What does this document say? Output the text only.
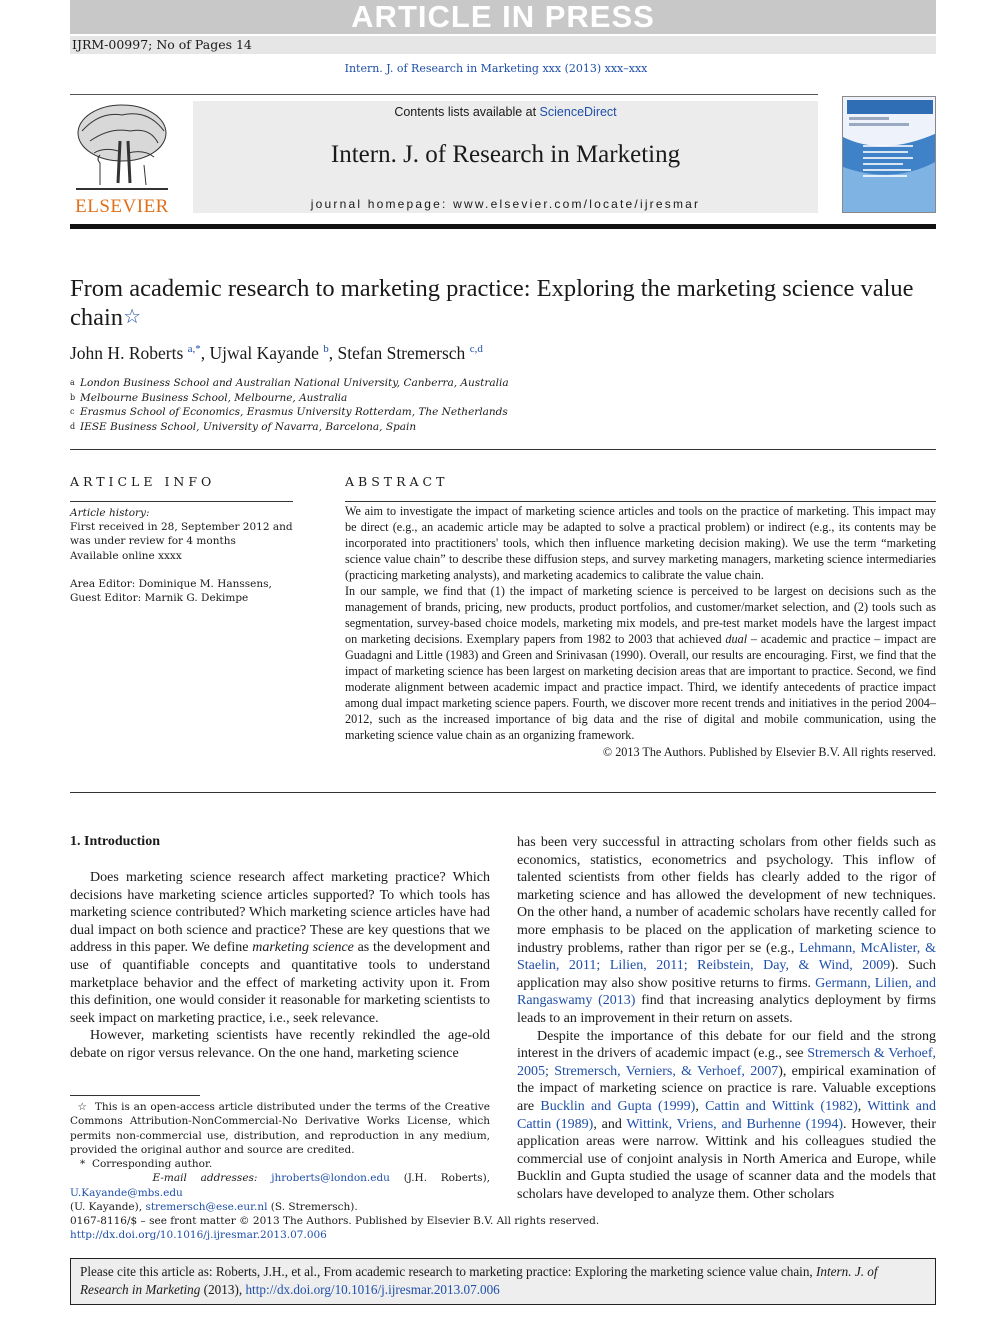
ARTICLE IN PRESS
IJRM-00997; No of Pages 14
Intern. J. of Research in Marketing xxx (2013) xxx–xxx
ELSEVIER
Contents lists available at ScienceDirect
Intern. J. of Research in Marketing
journal homepage: www.elsevier.com/locate/ijresmar
From academic research to marketing practice: Exploring the marketing science value chain☆
John H. Roberts $^{a,*}$, Ujwal Kayande $^b$, Stefan Stremersch $^{c,d}$
a London Business School and Australian National University, Canberra, Australia
b Melbourne Business School, Melbourne, Australia
c Erasmus School of Economics, Erasmus University Rotterdam, The Netherlands
d IESE Business School, University of Navarra, Barcelona, Spain
ARTICLE INFO
Article history:
First received in 28, September 2012 and was under review for 4 months
Available online xxxx
Area Editor: Dominique M. Hanssens,
Guest Editor: Marnik G. Dekimpe
ABSTRACT

We aim to investigate the impact of marketing science articles and tools on the practice of marketing. This impact may be direct (e.g., an academic article may be adapted to solve a practical problem) or indirect (e.g., its contents may be incorporated into practitioners' tools, which then influence marketing decision making). We use the term “marketing science value chain” to describe these diffusion steps, and survey marketing managers, marketing science intermediaries (practicing marketing analysts), and marketing academics to calibrate the value chain.

In our sample, we find that (1) the impact of marketing science is perceived to be largest on decisions such as the management of brands, pricing, new products, product portfolios, and customer/market selection, and (2) tools such as segmentation, survey-based choice models, marketing mix models, and pre-test market models have the largest impact on marketing decisions. Exemplary papers from 1982 to 2003 that achieved dual – academic and practice – impact are Guadagni and Little (1983) and Green and Srinivasan (1990). Overall, our results are encouraging. First, we find that the impact of marketing science has been largest on marketing decision areas that are important to practice. Second, we find moderate alignment between academic impact and practice impact. Third, we identify antecedents of practice impact among dual impact marketing science papers. Fourth, we discover more recent trends and initiatives in the period 2004–2012, such as the increased importance of big data and the rise of digital and mobile communication, using the marketing science value chain as an organizing framework.

© 2013 The Authors. Published by Elsevier B.V. All rights reserved.

1. Introduction

Does marketing science research affect marketing practice? Which decisions have marketing science articles supported? To which tools has marketing science contributed? Which marketing science articles have had dual impact on both science and practice? These are key questions that we address in this paper. We define marketing science as the development and use of quantifiable concepts and quantitative tools to understand marketplace behavior and the effect of marketing activity upon it. From this definition, one would consider it reasonable for marketing scientists to seek impact on marketing practice, i.e., seek relevance.

However, marketing scientists have recently rekindled the age-old debate on rigor versus relevance. On the one hand, marketing science

has been very successful in attracting scholars from other fields such as economics, statistics, econometrics and psychology. This inflow of talented scientists from other fields has clearly added to the rigor of marketing science and has allowed the development of new techniques. On the other hand, a number of academic scholars have recently called for more emphasis to be placed on the application of marketing science to industry problems, rather than rigor per se (e.g., Lehmann, McAlister, & Staelin, 2011; Lilien, 2011; Reibstein, Day, & Wind, 2009). Such application may also show positive returns to firms. Germann, Lilien, and Rangaswamy (2013) find that increasing analytics deployment by firms leads to an improvement in their return on assets.

Despite the importance of this debate for our field and the strong interest in the drivers of academic impact (e.g., see Stremersch & Verhoef, 2005; Stremersch, Verniers, & Verhoef, 2007), empirical examination of the impact of marketing science on practice is rare. Valuable exceptions are Bucklin and Gupta (1999), Cattin and Wittink (1982), Wittink and Cattin (1989), and Wittink, Vriens, and Burhenne (1994). However, their application areas were narrow. Wittink and his colleagues studied the commercial use of conjoint analysis in North America and Europe, while Bucklin and Gupta studied the usage of scanner data and the models that scholars have developed to analyze them. Other scholars

☆ This is an open-access article distributed under the terms of the Creative Commons Attribution-NonCommercial-No Derivative Works License, which permits non-commercial use, distribution, and reproduction in any medium, provided the original author and source are credited.
* Corresponding author.
E-mail addresses: jhroberts@london.edu (J.H. Roberts), U.Kayande@mbs.edu
(U. Kayande), stremersch@ese.eur.nl (S. Stremersch).
0167-8116/$ – see front matter © 2013 The Authors. Published by Elsevier B.V. All rights reserved.
http://dx.doi.org/10.1016/j.ijresmar.2013.07.006
Please cite this article as: Roberts, J.H., et al., From academic research to marketing practice: Exploring the marketing science value chain, Intern. J. of Research in Marketing (2013), http://dx.doi.org/10.1016/j.ijresmar.2013.07.006
